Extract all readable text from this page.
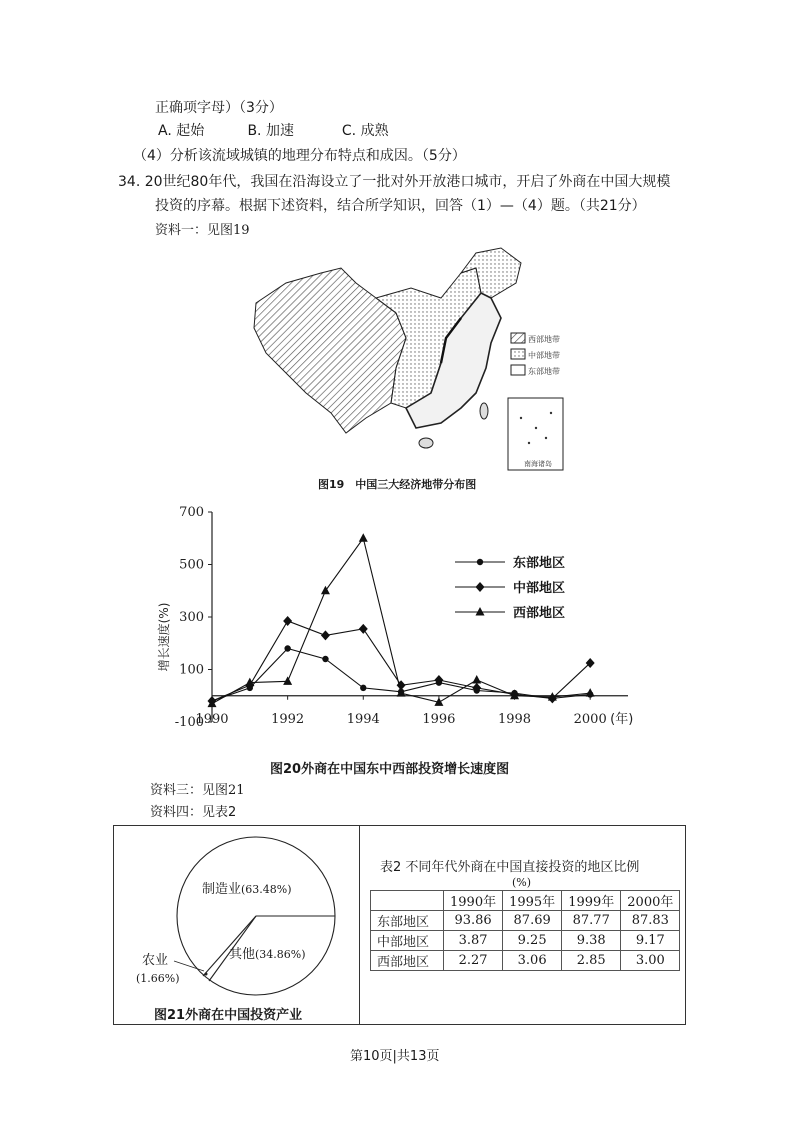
正确项字母）（3分）
A. 起始	B. 加速	C. 成熟
（4）分析该流域城镇的地理分布特点和成因。（5分）
34. 20世纪80年代，我国在沿海设立了一批对外开放港口城市，开启了外商在中国大规模
投资的序幕。根据下述资料，结合所学知识，回答（1）—（4）题。（共21分）
资料一：见图19
西部地带
中部地带
东部地带
南海诸岛
图19　中国三大经济地带分布图
700
500
300
100
-100
1990	1992	1994	1996	1998	2000 (年)
增长速度(%)
东部地区
中部地区
西部地区
图20外商在中国东中西部投资增长速度图
资料三：见图21
资料四：见表2
制造业(63.48%)
其他(34.86%)
农业
(1.66%)
图21外商在中国投资产业
表2 不同年代外商在中国直接投资的地区比例
(%)
	1990年	1995年	1999年	2000年
东部地区	93.86	87.69	87.77	87.83
中部地区	3.87	9.25	9.38	9.17
西部地区	2.27	3.06	2.85	3.00
第10页|共13页
